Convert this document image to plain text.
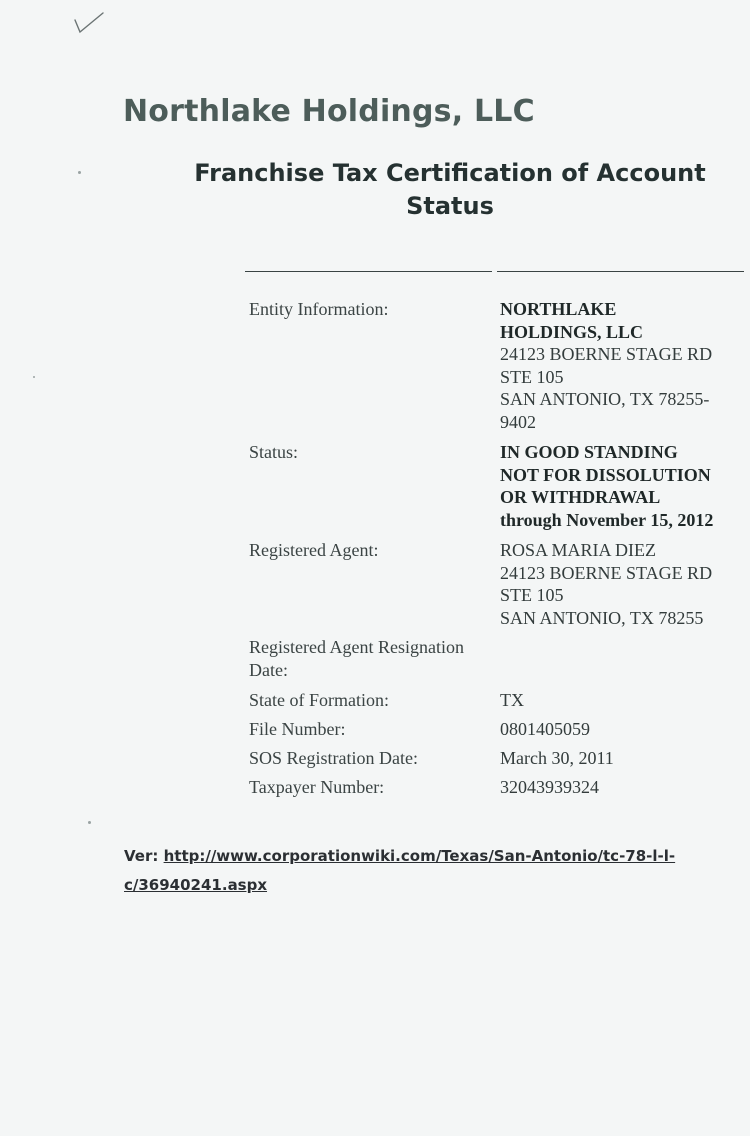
Northlake Holdings, LLC
Franchise Tax Certification of Account Status
Entity Information:	NORTHLAKE
HOLDINGS, LLC
24123 BOERNE STAGE RD
STE 105
SAN ANTONIO, TX 78255-
9402
Status:	IN GOOD STANDING
NOT FOR DISSOLUTION
OR WITHDRAWAL
through November 15, 2012
Registered Agent:	ROSA MARIA DIEZ
24123 BOERNE STAGE RD
STE 105
SAN ANTONIO, TX 78255
Registered Agent Resignation
Date:
State of Formation:	TX
File Number:	0801405059
SOS Registration Date:	March 30, 2011
Taxpayer Number:	32043939324
Ver: http://www.corporationwiki.com/Texas/San-Antonio/tc-78-l-l-
c/36940241.aspx
